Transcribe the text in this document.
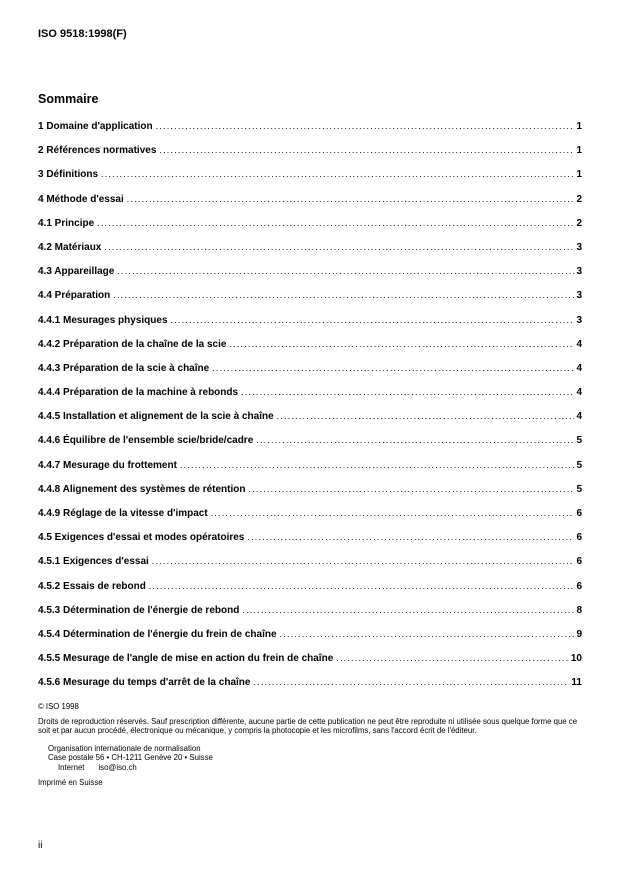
ISO 9518:1998(F)
Sommaire
1 Domaine d'application .....	1
2 Références normatives .....	1
3 Définitions .....	1
4 Méthode d'essai .....	2
4.1 Principe .....	2
4.2 Matériaux .....	3
4.3 Appareillage .....	3
4.4 Préparation .....	3
4.4.1 Mesurages physiques .....	3
4.4.2 Préparation de la chaîne de la scie .....	4
4.4.3 Préparation de la scie à chaîne .....	4
4.4.4 Préparation de la machine à rebonds .....	4
4.4.5 Installation et alignement de la scie à chaîne .....	4
4.4.6 Équilibre de l'ensemble scie/bride/cadre .....	5
4.4.7 Mesurage du frottement .....	5
4.4.8 Alignement des systèmes de rétention .....	5
4.4.9 Réglage de la vitesse d'impact .....	6
4.5 Exigences d'essai et modes opératoires .....	6
4.5.1 Exigences d'essai .....	6
4.5.2 Essais de rebond .....	6
4.5.3 Détermination de l'énergie de rebond .....	8
4.5.4 Détermination de l'énergie du frein de chaîne .....	9
4.5.5 Mesurage de l'angle de mise en action du frein de chaîne .....	10
4.5.6 Mesurage du temps d'arrêt de la chaîne .....	11
© ISO 1998
Droits de reproduction réservés. Sauf prescription différente, aucune partie de cette publication ne peut être reproduite ni utilisée sous quelque forme que ce soit et par aucun procédé, électronique ou mécanique, y compris la photocopie et les microfilms, sans l'accord écrit de l'éditeur.
Organisation internationale de normalisation
Case postale 56 • CH-1211 Genève 20 • Suisse
Internet iso@iso.ch
Imprimé en Suisse
ii
